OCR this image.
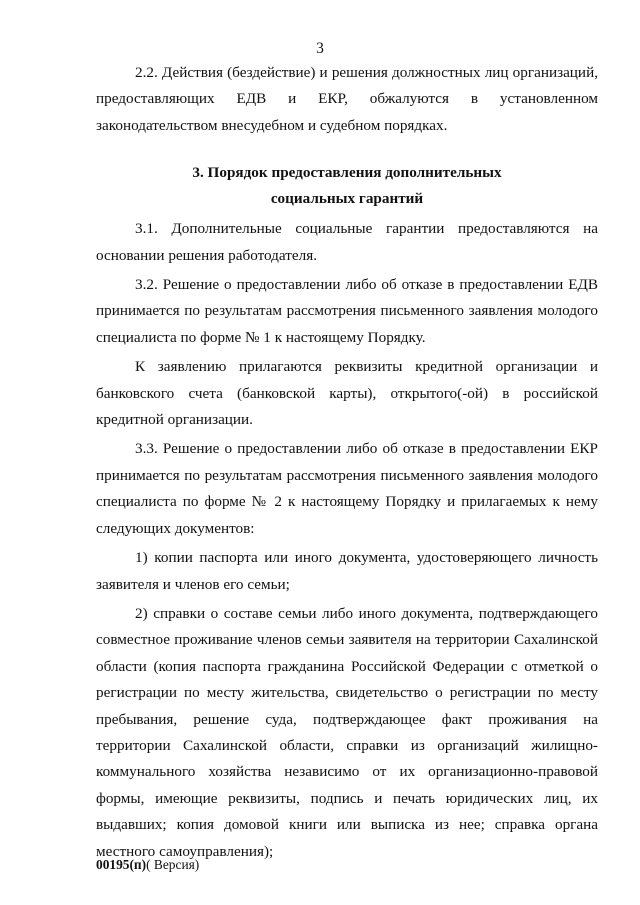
3

2.2. Действия (бездействие) и решения должностных лиц организаций, предоставляющих ЕДВ и ЕКР, обжалуются в установленном законодательством внесудебном и судебном порядках.

3. Порядок предоставления дополнительных
социальных гарантий

3.1. Дополнительные социальные гарантии предоставляются на основании решения работодателя.

3.2. Решение о предоставлении либо об отказе в предоставлении ЕДВ принимается по результатам рассмотрения письменного заявления молодого специалиста по форме № 1 к настоящему Порядку.

К заявлению прилагаются реквизиты кредитной организации и банковского счета (банковской карты), открытого(-ой) в российской кредитной организации.

3.3. Решение о предоставлении либо об отказе в предоставлении ЕКР принимается по результатам рассмотрения письменного заявления молодого специалиста по форме № 2 к настоящему Порядку и прилагаемых к нему следующих документов:

1) копии паспорта или иного документа, удостоверяющего личность заявителя и членов его семьи;

2) справки о составе семьи либо иного документа, подтверждающего совместное проживание членов семьи заявителя на территории Сахалинской области (копия паспорта гражданина Российской Федерации с отметкой о регистрации по месту жительства, свидетельство о регистрации по месту пребывания, решение суда, подтверждающее факт проживания на территории Сахалинской области, справки из организаций жилищно-коммунального хозяйства независимо от их организационно-правовой формы, имеющие реквизиты, подпись и печать юридических лиц, их выдавших; копия домовой книги или выписка из нее; справка органа местного самоуправления);

00195(п)( Версия)
